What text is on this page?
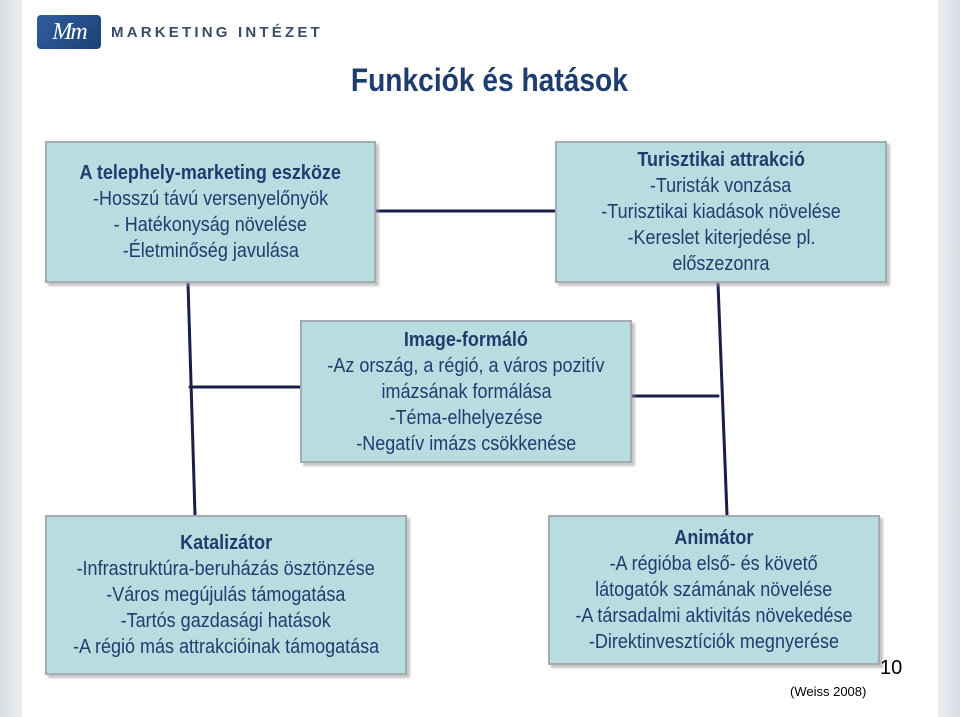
Mm	MARKETING INTÉZET
Funkciók és hatások
A telephely-marketing eszköze
-Hosszú távú versenyelőnyök
- Hatékonyság növelése
-Életminőség javulása
Turisztikai attrakció
-Turisták vonzása
-Turisztikai kiadások növelése
-Kereslet kiterjedése pl.
előszezonra
Image-formáló
-Az ország, a régió, a város pozitív
imázsának formálása
-Téma-elhelyezése
-Negatív imázs csökkenése
Katalizátor
-Infrastruktúra-beruházás ösztönzése
-Város megújulás támogatása
-Tartós gazdasági hatások
-A régió más attrakcióinak támogatása
Animátor
-A régióba első- és követő
látogatók számának növelése
-A társadalmi aktivitás növekedése
-Direktinvesztíciók megnyerése
10
(Weiss 2008)
